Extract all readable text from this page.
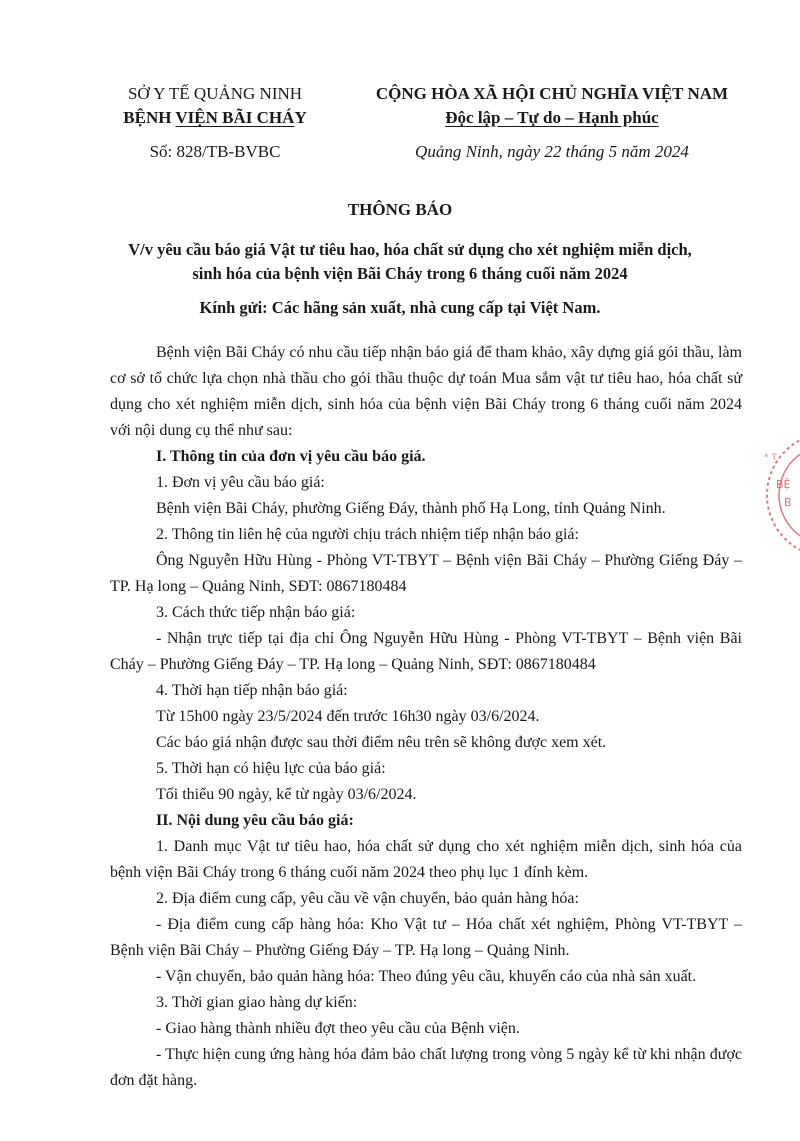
SỞ Y TẾ QUẢNG NINH
BỆNH VIỆN BÃI CHÁY
Số: 828/TB-BVBC
CỘNG HÒA XÃ HỘI CHỦ NGHĨA VIỆT NAM
Độc lập – Tự do – Hạnh phúc
Quảng Ninh, ngày 22 tháng 5 năm 2024
THÔNG BÁO
V/v yêu cầu báo giá Vật tư tiêu hao, hóa chất sử dụng cho xét nghiệm miễn dịch,
sinh hóa của bệnh viện Bãi Cháy trong 6 tháng cuối năm 2024
Kính gửi: Các hãng sản xuất, nhà cung cấp tại Việt Nam.

Bệnh viện Bãi Cháy có nhu cầu tiếp nhận báo giá để tham khảo, xây dựng giá gói thầu, làm cơ sở tổ chức lựa chọn nhà thầu cho gói thầu thuộc dự toán Mua sắm vật tư tiêu hao, hóa chất sử dụng cho xét nghiệm miễn dịch, sinh hóa của bệnh viện Bãi Cháy trong 6 tháng cuối năm 2024 với nội dung cụ thể như sau:

I. Thông tin của đơn vị yêu cầu báo giá.

1. Đơn vị yêu cầu báo giá:

Bệnh viện Bãi Cháy, phường Giếng Đáy, thành phố Hạ Long, tỉnh Quảng Ninh.

2. Thông tin liên hệ của người chịu trách nhiệm tiếp nhận báo giá:

Ông Nguyễn Hữu Hùng - Phòng VT-TBYT – Bệnh viện Bãi Cháy – Phường Giếng Đáy – TP. Hạ long – Quảng Ninh, SĐT: 0867180484

3. Cách thức tiếp nhận báo giá:

- Nhận trực tiếp tại địa chỉ Ông Nguyễn Hữu Hùng - Phòng VT-TBYT – Bệnh viện Bãi Cháy – Phường Giếng Đáy – TP. Hạ long – Quảng Ninh, SĐT: 0867180484

4. Thời hạn tiếp nhận báo giá:

Từ 15h00 ngày 23/5/2024 đến trước 16h30 ngày 03/6/2024.

Các báo giá nhận được sau thời điểm nêu trên sẽ không được xem xét.

5. Thời hạn có hiệu lực của báo giá:

Tối thiểu 90 ngày, kể từ ngày 03/6/2024.

II. Nội dung yêu cầu báo giá:

1. Danh mục Vật tư tiêu hao, hóa chất sử dụng cho xét nghiệm miễn dịch, sinh hóa của bệnh viện Bãi Cháy trong 6 tháng cuối năm 2024 theo phụ lục 1 đính kèm.

2. Địa điểm cung cấp, yêu cầu về vận chuyển, bảo quản hàng hóa:

- Địa điểm cung cấp hàng hóa: Kho Vật tư – Hóa chất xét nghiệm, Phòng VT-TBYT – Bệnh viện Bãi Cháy – Phường Giếng Đáy – TP. Hạ long – Quảng Ninh.

- Vận chuyển, bảo quản hàng hóa: Theo đúng yêu cầu, khuyến cáo của nhà sản xuất.

3. Thời gian giao hàng dự kiến:

- Giao hàng thành nhiều đợt theo yêu cầu của Bệnh viện.

- Thực hiện cung ứng hàng hóa đảm bảo chất lượng trong vòng 5 ngày kể từ khi nhận được đơn đặt hàng.

BỆ
B
* T
